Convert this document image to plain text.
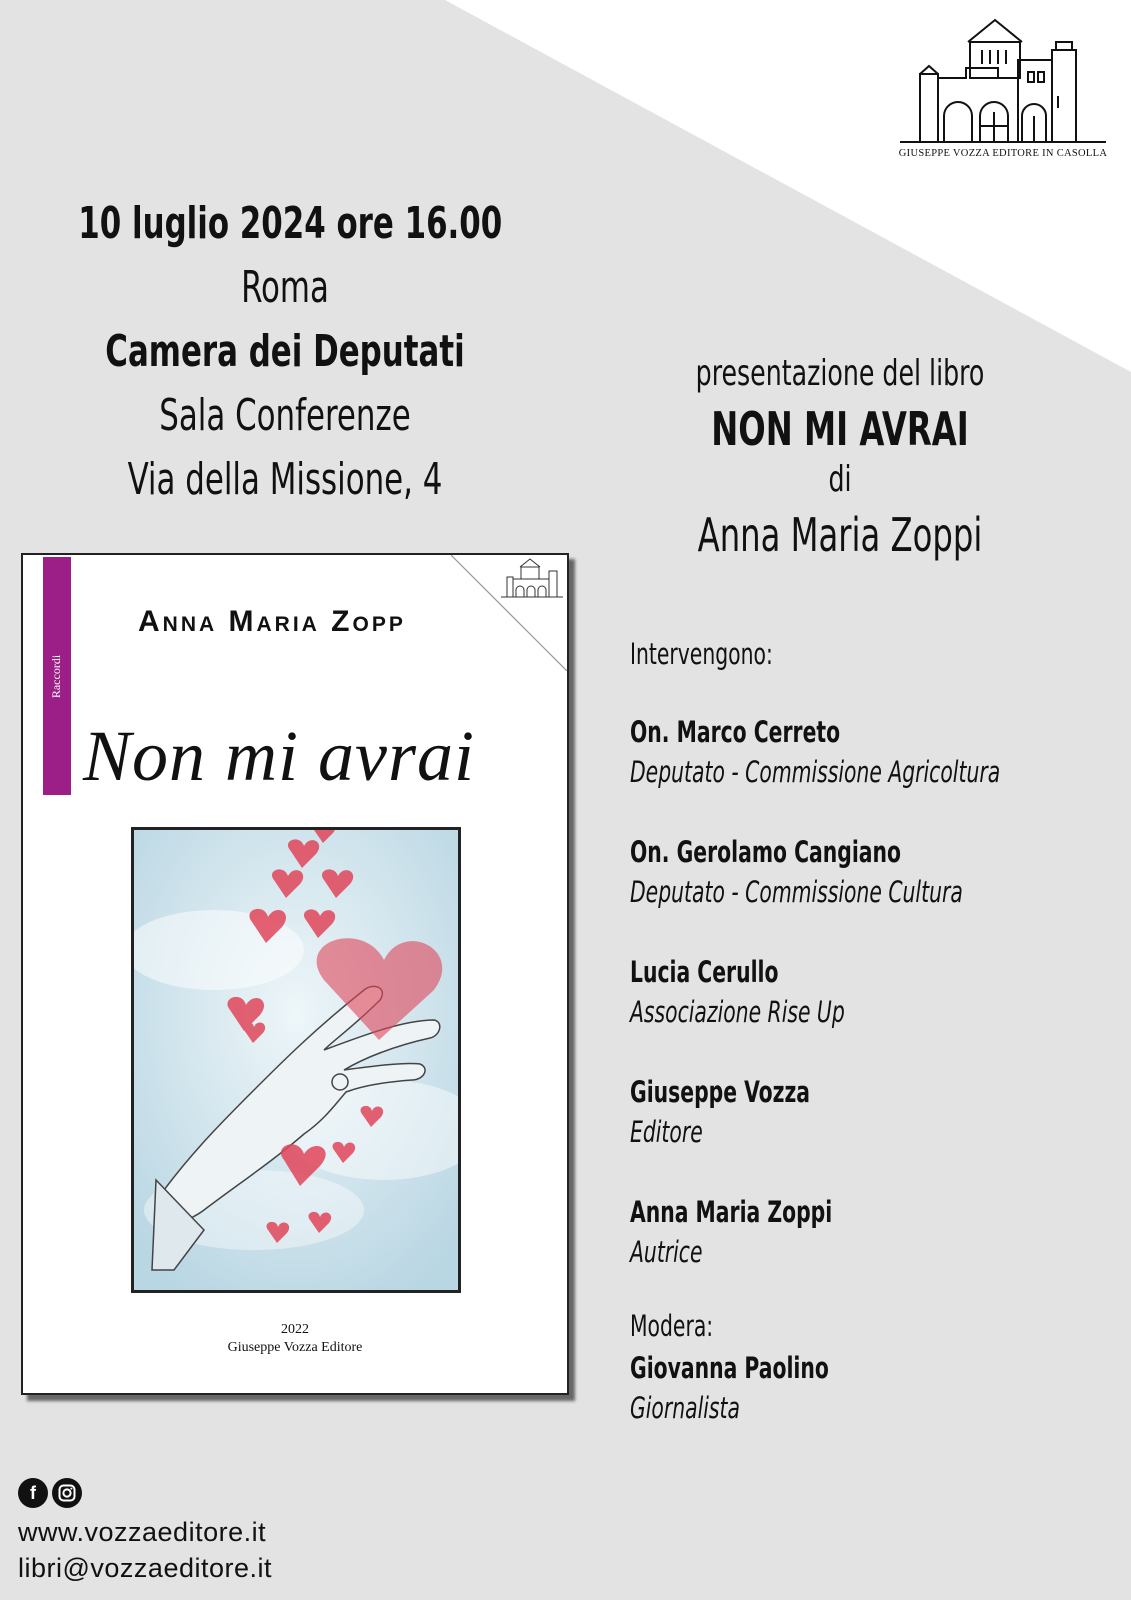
GIUSEPPE VOZZA EDITORE IN CASOLLA
10 luglio 2024 ore 16.00
Roma
Camera dei Deputati
Sala Conferenze
Via della Missione, 4
presentazione del libro
NON MI AVRAI
di
Anna Maria Zoppi
Intervengono:
On. Marco Cerreto
Deputato - Commissione Agricoltura
On. Gerolamo Cangiano
Deputato - Commissione Cultura
Lucia Cerullo
Associazione Rise Up
Giuseppe Vozza
Editore
Anna Maria Zoppi
Autrice
Modera:
Giovanna Paolino
Giornalista
Raccordi
Anna Maria Zopp
Non mi avrai
2022
Giuseppe Vozza Editore
f
www.vozzaeditore.it
libri@vozzaeditore.it
